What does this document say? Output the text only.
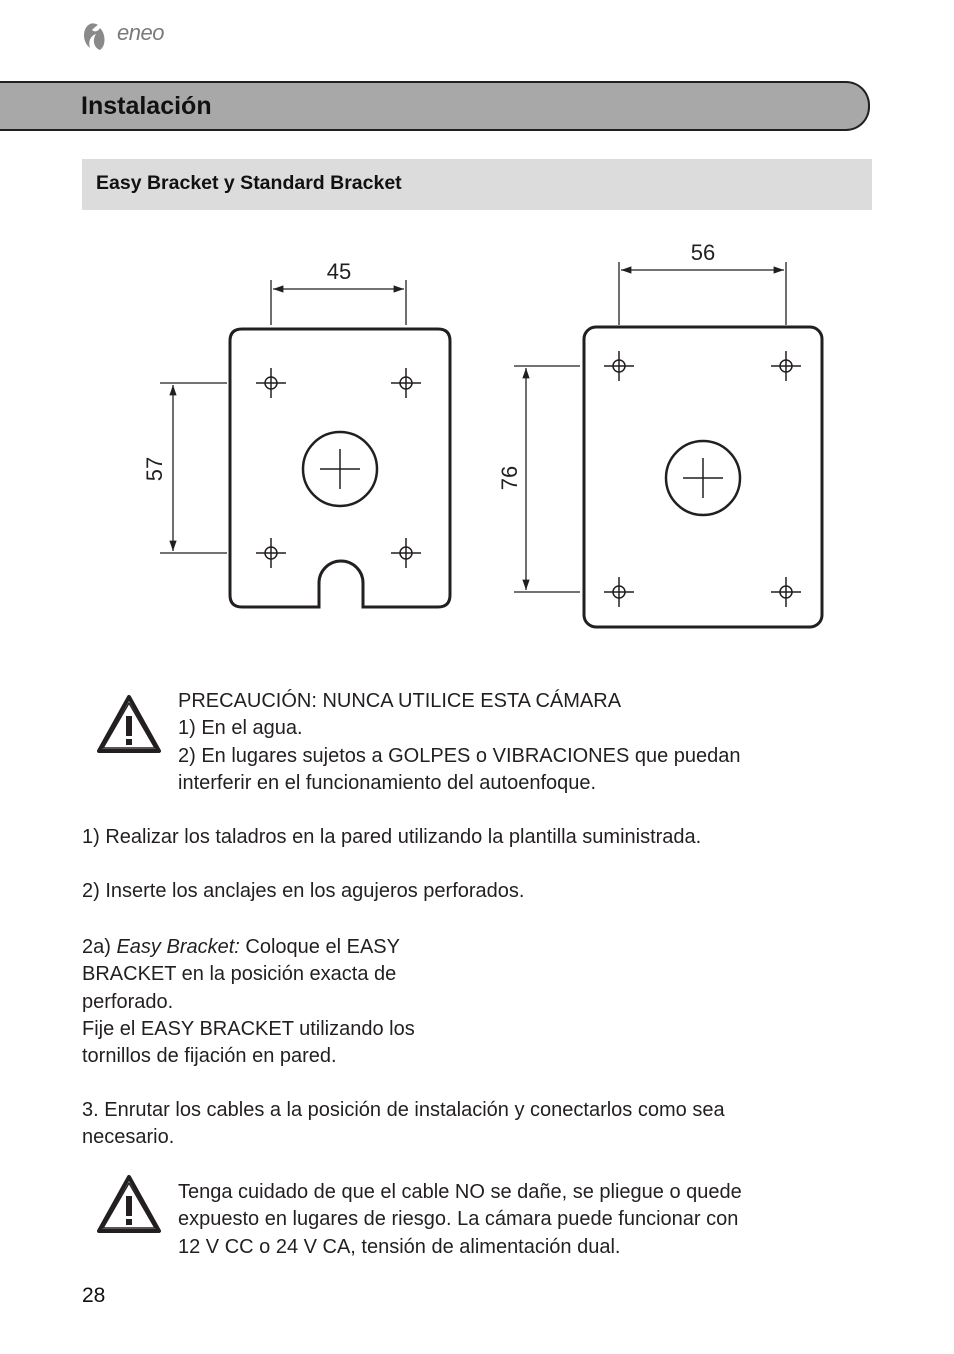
eneo
Instalación
Easy Bracket y Standard Bracket
45
57
56
76
PRECAUCIÓN: NUNCA UTILICE ESTA CÁMARA
1) En el agua.
2) En lugares sujetos a GOLPES o VIBRACIONES que puedan
interferir en el funcionamiento del autoenfoque.
1) Realizar los taladros en la pared utilizando la plantilla suministrada.
2) Inserte los anclajes en los agujeros perforados.
2a) Easy Bracket: Coloque el EASY
BRACKET en la posición exacta de
perforado.
Fije el EASY BRACKET utilizando los
tornillos de fijación en pared.
3. Enrutar los cables a la posición de instalación y conectarlos como sea
necesario.
Tenga cuidado de que el cable NO se dañe, se pliegue o quede
expuesto en lugares de riesgo. La cámara puede funcionar con
12 V CC o 24 V CA, tensión de alimentación dual.
28
